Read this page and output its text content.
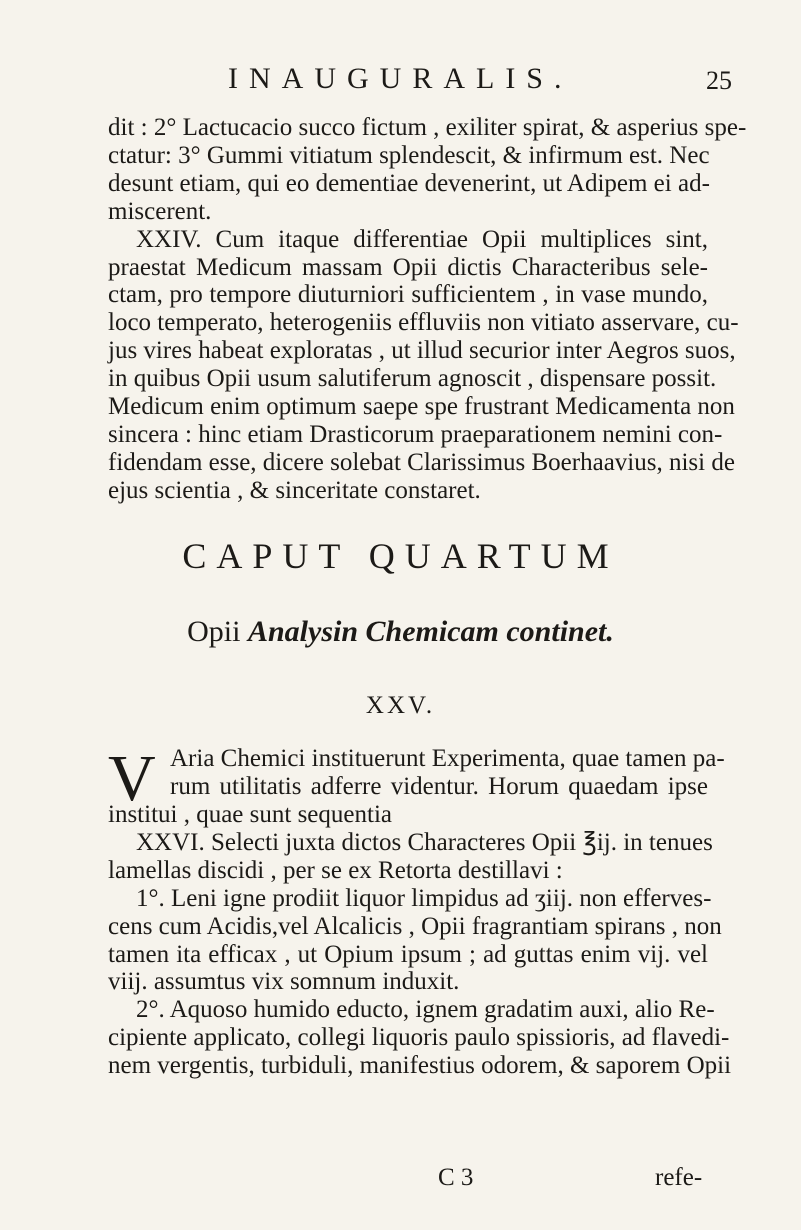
INAUGURALIS.	25
dit : 2° Lactucacio succo fictum , exiliter spirat, & asperius spe-
ctatur: 3° Gummi vitiatum splendescit, & infirmum est. Nec
desunt etiam, qui eo dementiae devenerint, ut Adipem ei ad-
miscerent.
XXIV. Cum itaque differentiae Opii multiplices sint,
praestat Medicum massam Opii dictis Characteribus sele-
ctam, pro tempore diuturniori sufficientem , in vase mundo,
loco temperato, heterogeniis effluviis non vitiato asservare, cu-
jus vires habeat exploratas , ut illud securior inter Aegros suos,
in quibus Opii usum salutiferum agnoscit , dispensare possit.
Medicum enim optimum saepe spe frustrant Medicamenta non
sincera : hinc etiam Drasticorum praeparationem nemini con-
fidendam esse, dicere solebat Clarissimus Boerhaavius, nisi de
ejus scientia , & sinceritate constaret.
CAPUT QUARTUM
Opii Analysin Chemicam continet.
XXV.
V Aria Chemici instituerunt Experimenta, quae tamen pa-
rum utilitatis adferre videntur. Horum quaedam ipse
institui , quae sunt sequentia
XXVI. Selecti juxta dictos Characteres Opii ℥ij. in tenues
lamellas discidi , per se ex Retorta destillavi :
1°. Leni igne prodiit liquor limpidus ad ʒiij. non efferves-
cens cum Acidis,vel Alcalicis , Opii fragrantiam spirans , non
tamen ita efficax , ut Opium ipsum ; ad guttas enim vij. vel
viij. assumtus vix somnum induxit.
2°. Aquoso humido educto, ignem gradatim auxi, alio Re-
cipiente applicato, collegi liquoris paulo spissioris, ad flavedi-
nem vergentis, turbiduli, manifestius odorem, & saporem Opii
C 3	refe-
